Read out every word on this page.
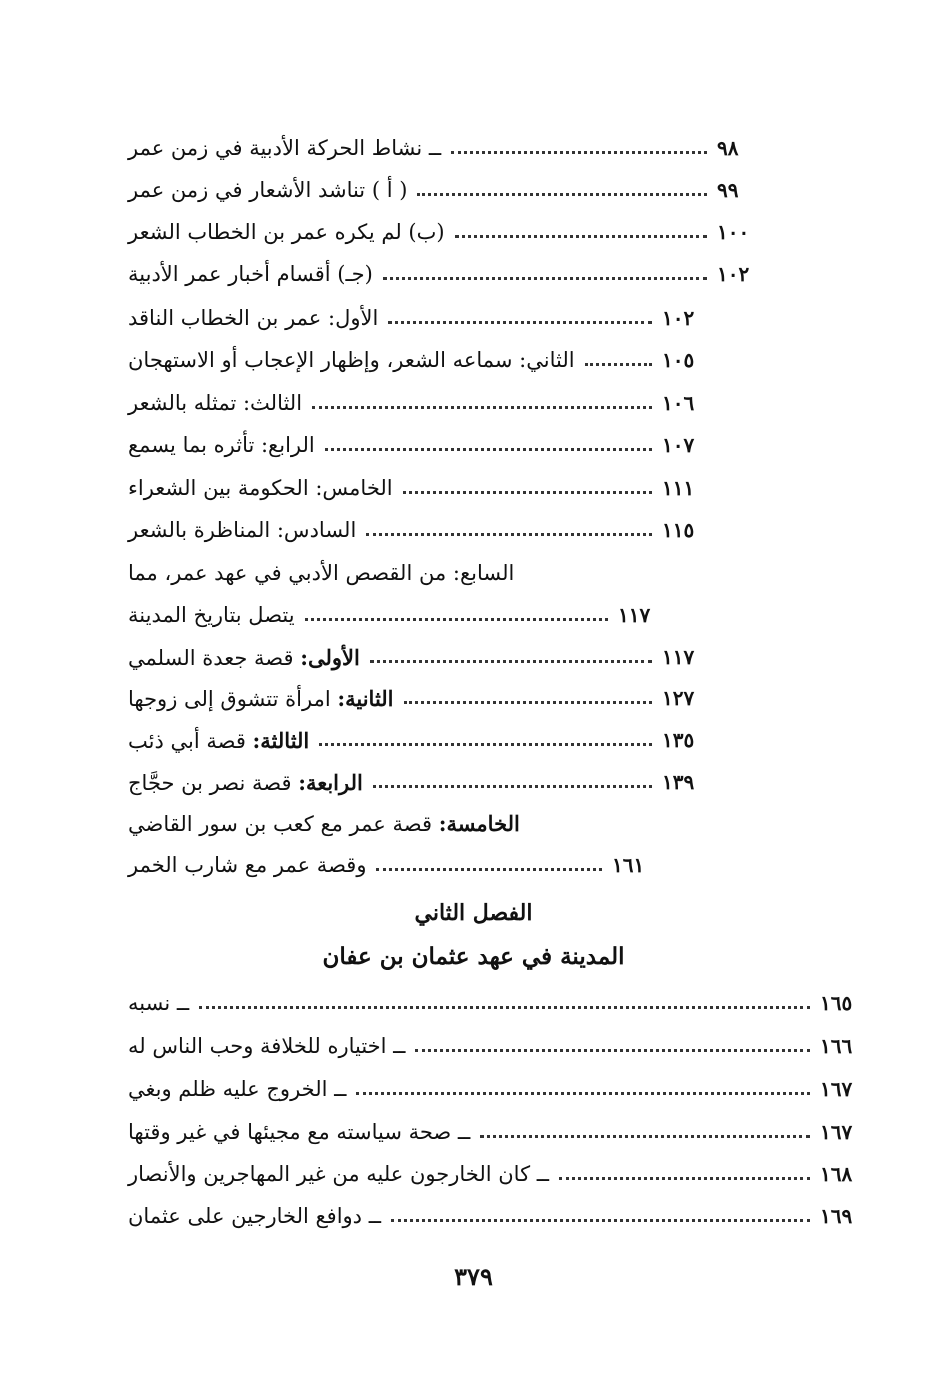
ــ نشاط الحركة الأدبية في زمن عمر	٩٨
( أ ) تناشد الأشعار في زمن عمر	٩٩
(ب) لم يكره عمر بن الخطاب الشعر	١٠٠
(جـ) أقسام أخبار عمر الأدبية	١٠٢
الأول: عمر بن الخطاب الناقد	١٠٢
الثاني: سماعه الشعر، وإظهار الإعجاب أو الاستهجان	١٠٥
الثالث: تمثله بالشعر	١٠٦
الرابع: تأثره بما يسمع	١٠٧
الخامس: الحكومة بين الشعراء	١١١
السادس: المناظرة بالشعر	١١٥
السابع: من القصص الأدبي في عهد عمر، مما
يتصل بتاريخ المدينة	١١٧
الأولى: قصة جعدة السلمي	١١٧
الثانية: امرأة تتشوق إلى زوجها	١٢٧
الثالثة: قصة أبي ذئب	١٣٥
الرابعة: قصة نصر بن حجَّاج	١٣٩
الخامسة: قصة عمر مع كعب بن سور القاضي
وقصة عمر مع شارب الخمر	١٦١
الفصل الثاني
المدينة في عهد عثمان بن عفان
ــ نسبه	١٦٥
ــ اختياره للخلافة وحب الناس له	١٦٦
ــ الخروج عليه ظلم وبغي	١٦٧
ــ صحة سياسته مع مجيئها في غير وقتها	١٦٧
ــ كان الخارجون عليه من غير المهاجرين والأنصار	١٦٨
ــ دوافع الخارجين على عثمان	١٦٩
٣٧٩
